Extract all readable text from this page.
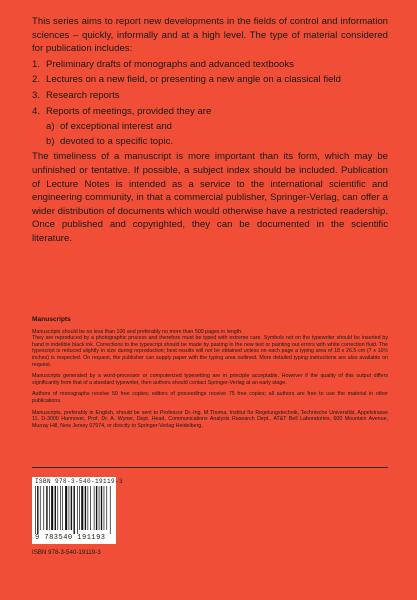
This series aims to report new developments in the fields of control and information sciences – quickly, informally and at a high level. The type of material considered for publication includes:

1. Preliminary drafts of monographs and advanced textbooks
2. Lectures on a new field, or presenting a new angle on a classical field
3. Research reports
4. Reports of meetings, provided they are
a) of exceptional interest and
b) devoted to a specific topic.

The timeliness of a manuscript is more important than its form, which may be unfinished or tentative. If possible, a subject index should be included. Publication of Lecture Notes is intended as a service to the international scientific and engineering community, in that a commercial publisher, Springer-Verlag, can offer a wider distribution of documents which would otherwise have a restricted readership. Once published and copyrighted, they can be documented in the scientific literature.

Manuscripts

Manuscripts should be no less than 100 and preferably no more than 500 pages in length.

They are reproduced by a photographic process and therefore must be typed with extreme care. Symbols not on the typewriter should be inserted by hand in indelible black ink. Corrections to the typescript should be made by pasting in the new text or painting out errors with white correction fluid. The typescript is reduced slightly in size during reproduction; best results will not be obtained unless on each page a typing area of 18 x 26.5 cm (7 x 10½ inches) is respected. On request, the publisher can supply paper with the typing area outlined. More detailed typing instructions are also available on request.

Manuscripts generated by a word-processor or computerized typesetting are in principle acceptable. However if the quality of this output differs significantly from that of a standard typewriter, then authors should contact Springer-Verlag at an early stage.

Authors of monographs receive 50 free copies; editors of proceedings receive 75 free copies; all authors are free to use the material in other publications.

Manuscripts, preferably in English, should be sent to Professor Dr.-Ing. M.Thoma, Institut für Regelungstechnik, Technische Universität, Appelstrasse 11, D-3000 Hannover, Prof. Dr. A. Wyner, Dept. Head, Communications Analysis Research Dept., AT&T Bell Laboratories, 600 Mountain Avenue, Murray Hill, New Jersey 07974, or directly to Springer-Verlag Heidelberg.

ISBN 978-3-540-19119-3
9 783540 191193
ISBN 978-3-540-19119-3
